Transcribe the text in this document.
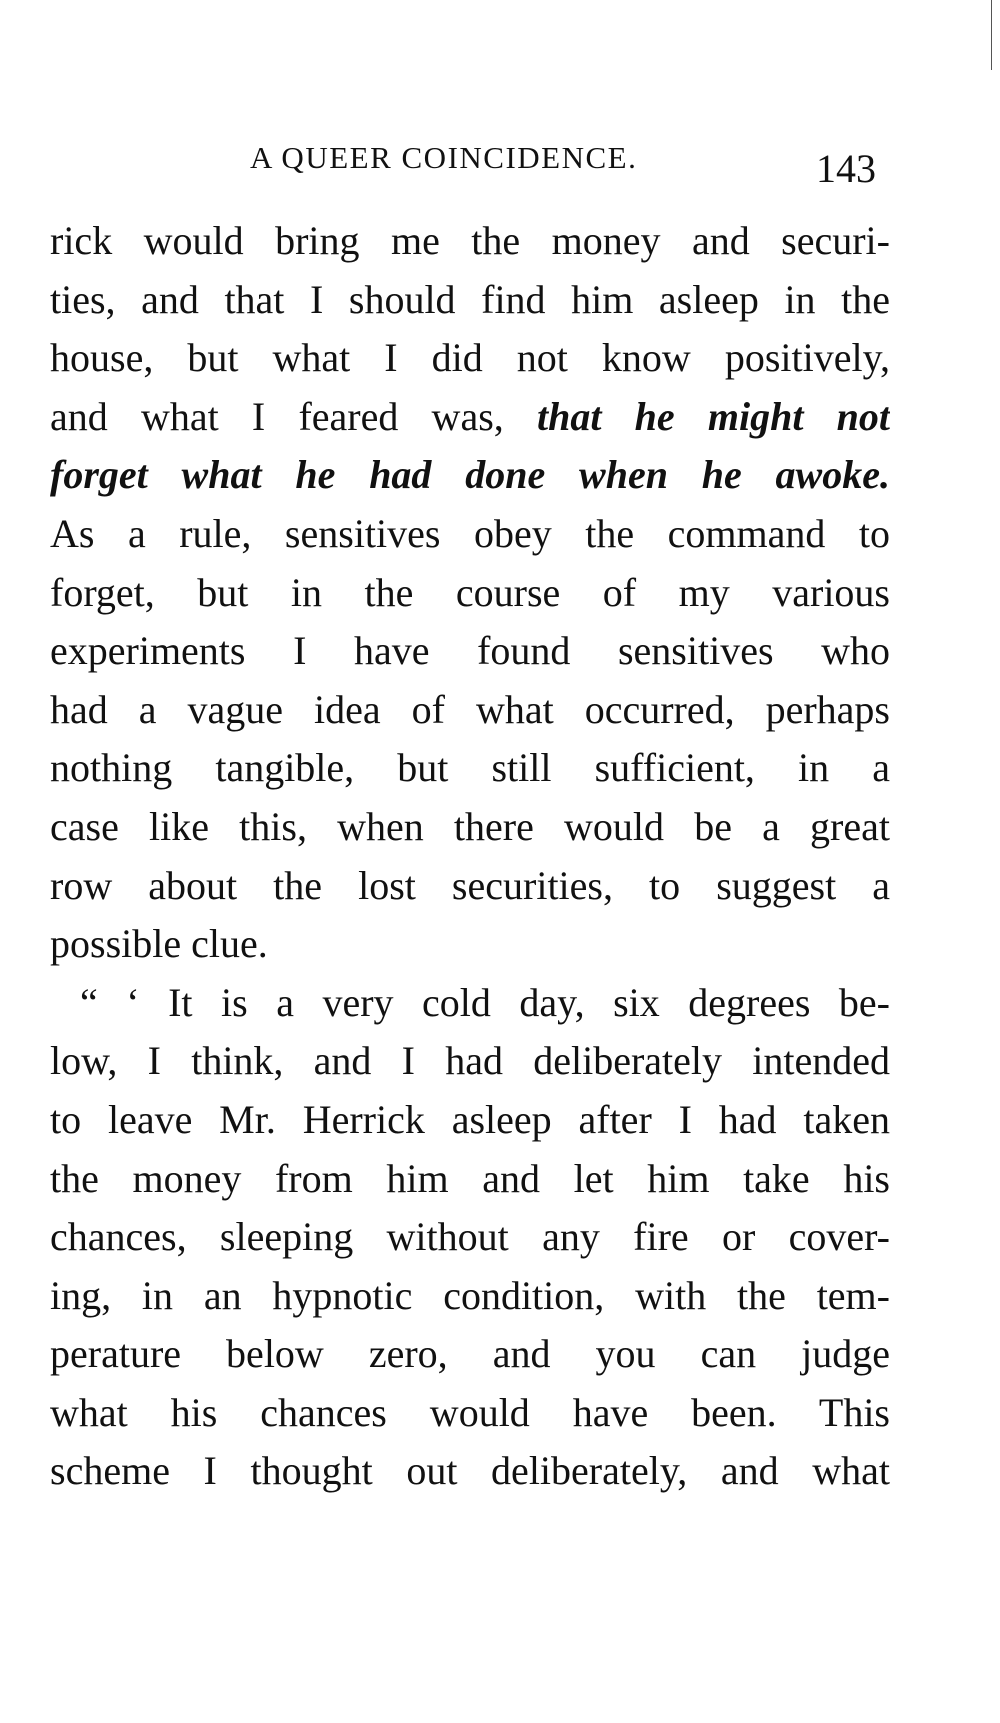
A QUEER COINCIDENCE.	143
rick would bring me the money and securi-
ties, and that I should find him asleep in the
house, but what I did not know positively,
and what I feared was, that he might not
forget what he had done when he awoke.
As a rule, sensitives obey the command to
forget, but in the course of my various
experiments I have found sensitives who
had a vague idea of what occurred, perhaps
nothing tangible, but still sufficient, in a
case like this, when there would be a great
row about the lost securities, to suggest a
possible clue.
“ ‘ It is a very cold day, six degrees be-
low, I think, and I had deliberately intended
to leave Mr. Herrick asleep after I had taken
the money from him and let him take his
chances, sleeping without any fire or cover-
ing, in an hypnotic condition, with the tem-
perature below zero, and you can judge
what his chances would have been. This
scheme I thought out deliberately, and what
